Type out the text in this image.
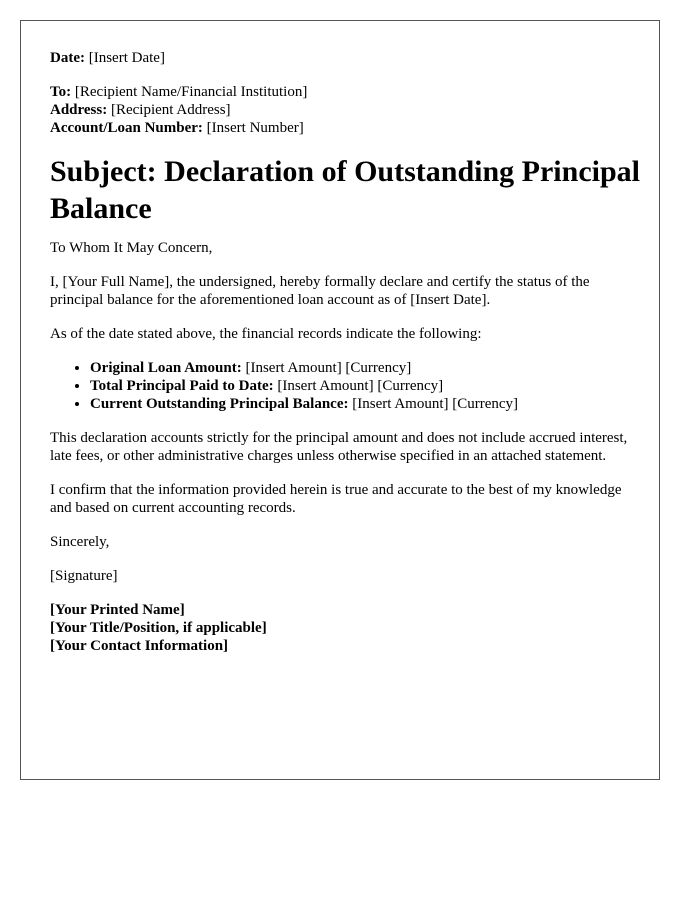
Date: [Insert Date]

To: [Recipient Name/Financial Institution]

Address: [Recipient Address]

Account/Loan Number: [Insert Number]

Subject: Declaration of Outstanding Principal Balance

To Whom It May Concern,

I, [Your Full Name], the undersigned, hereby formally declare and certify the status of the principal balance for the aforementioned loan account as of [Insert Date].

As of the date stated above, the financial records indicate the following:

• Original Loan Amount: [Insert Amount] [Currency]
• Total Principal Paid to Date: [Insert Amount] [Currency]
• Current Outstanding Principal Balance: [Insert Amount] [Currency]

This declaration accounts strictly for the principal amount and does not include accrued interest, late fees, or other administrative charges unless otherwise specified in an attached statement.

I confirm that the information provided herein is true and accurate to the best of my knowledge and based on current accounting records.

Sincerely,

[Signature]

[Your Printed Name]

[Your Title/Position, if applicable]

[Your Contact Information]
